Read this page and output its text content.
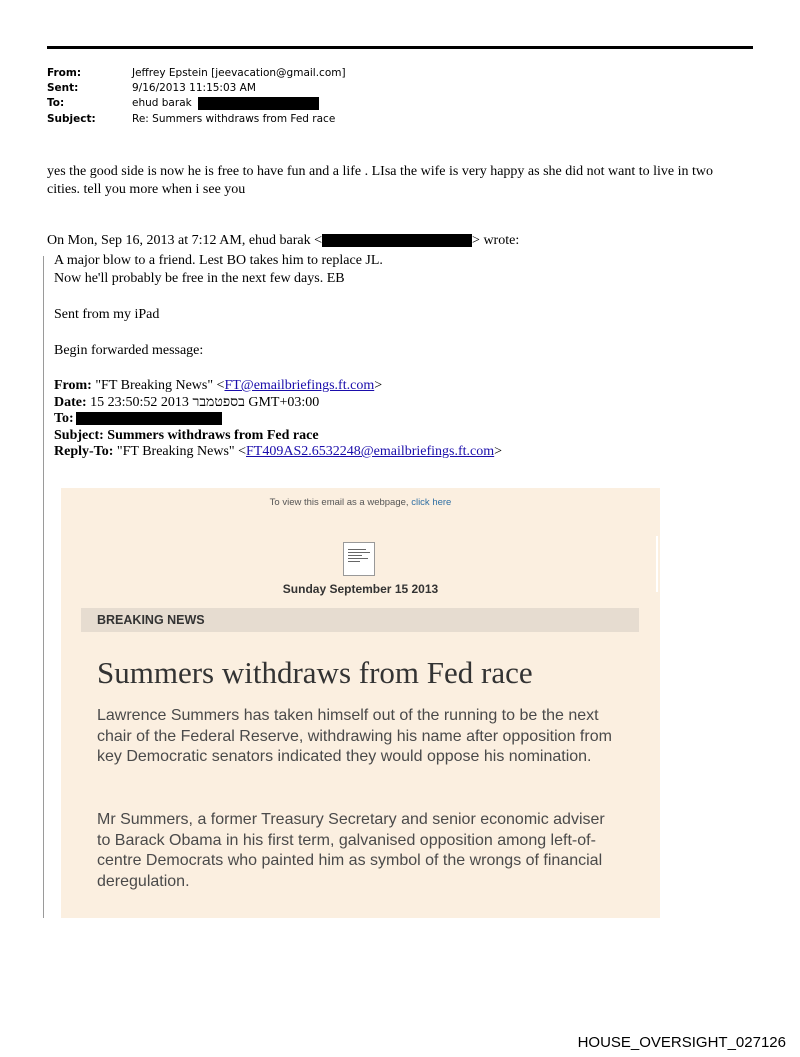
From:	Jeffrey Epstein [jeevacation@gmail.com]
Sent:	9/16/2013 11:15:03 AM
To:	ehud barak
Subject:	Re: Summers withdraws from Fed race
yes the good side is now he is free to have fun and a life . LIsa the wife is very happy as she did not want to live in two cities. tell you more when i see you
On Mon, Sep 16, 2013 at 7:12 AM, ehud barak <	> wrote:
A major blow to a friend. Lest BO takes him to replace JL.
Now he'll probably be free in the next few days. EB
Sent from my iPad
Begin forwarded message:
From: "FT Breaking News" <FT@emailbriefings.ft.com>
Date: 15 23:50:52 2013 בספטמבר GMT+03:00
To:
Subject: Summers withdraws from Fed race
Reply-To: "FT Breaking News" <FT409AS2.6532248@emailbriefings.ft.com>
To view this email as a webpage, click here
Sunday September 15 2013
BREAKING NEWS
Summers withdraws from Fed race
Lawrence Summers has taken himself out of the running to be the next chair of the Federal Reserve, withdrawing his name after opposition from key Democratic senators indicated they would oppose his nomination.
Mr Summers, a former Treasury Secretary and senior economic adviser to Barack Obama in his first term, galvanised opposition among left-of-centre Democrats who painted him as symbol of the wrongs of financial deregulation.
HOUSE_OVERSIGHT_027126
